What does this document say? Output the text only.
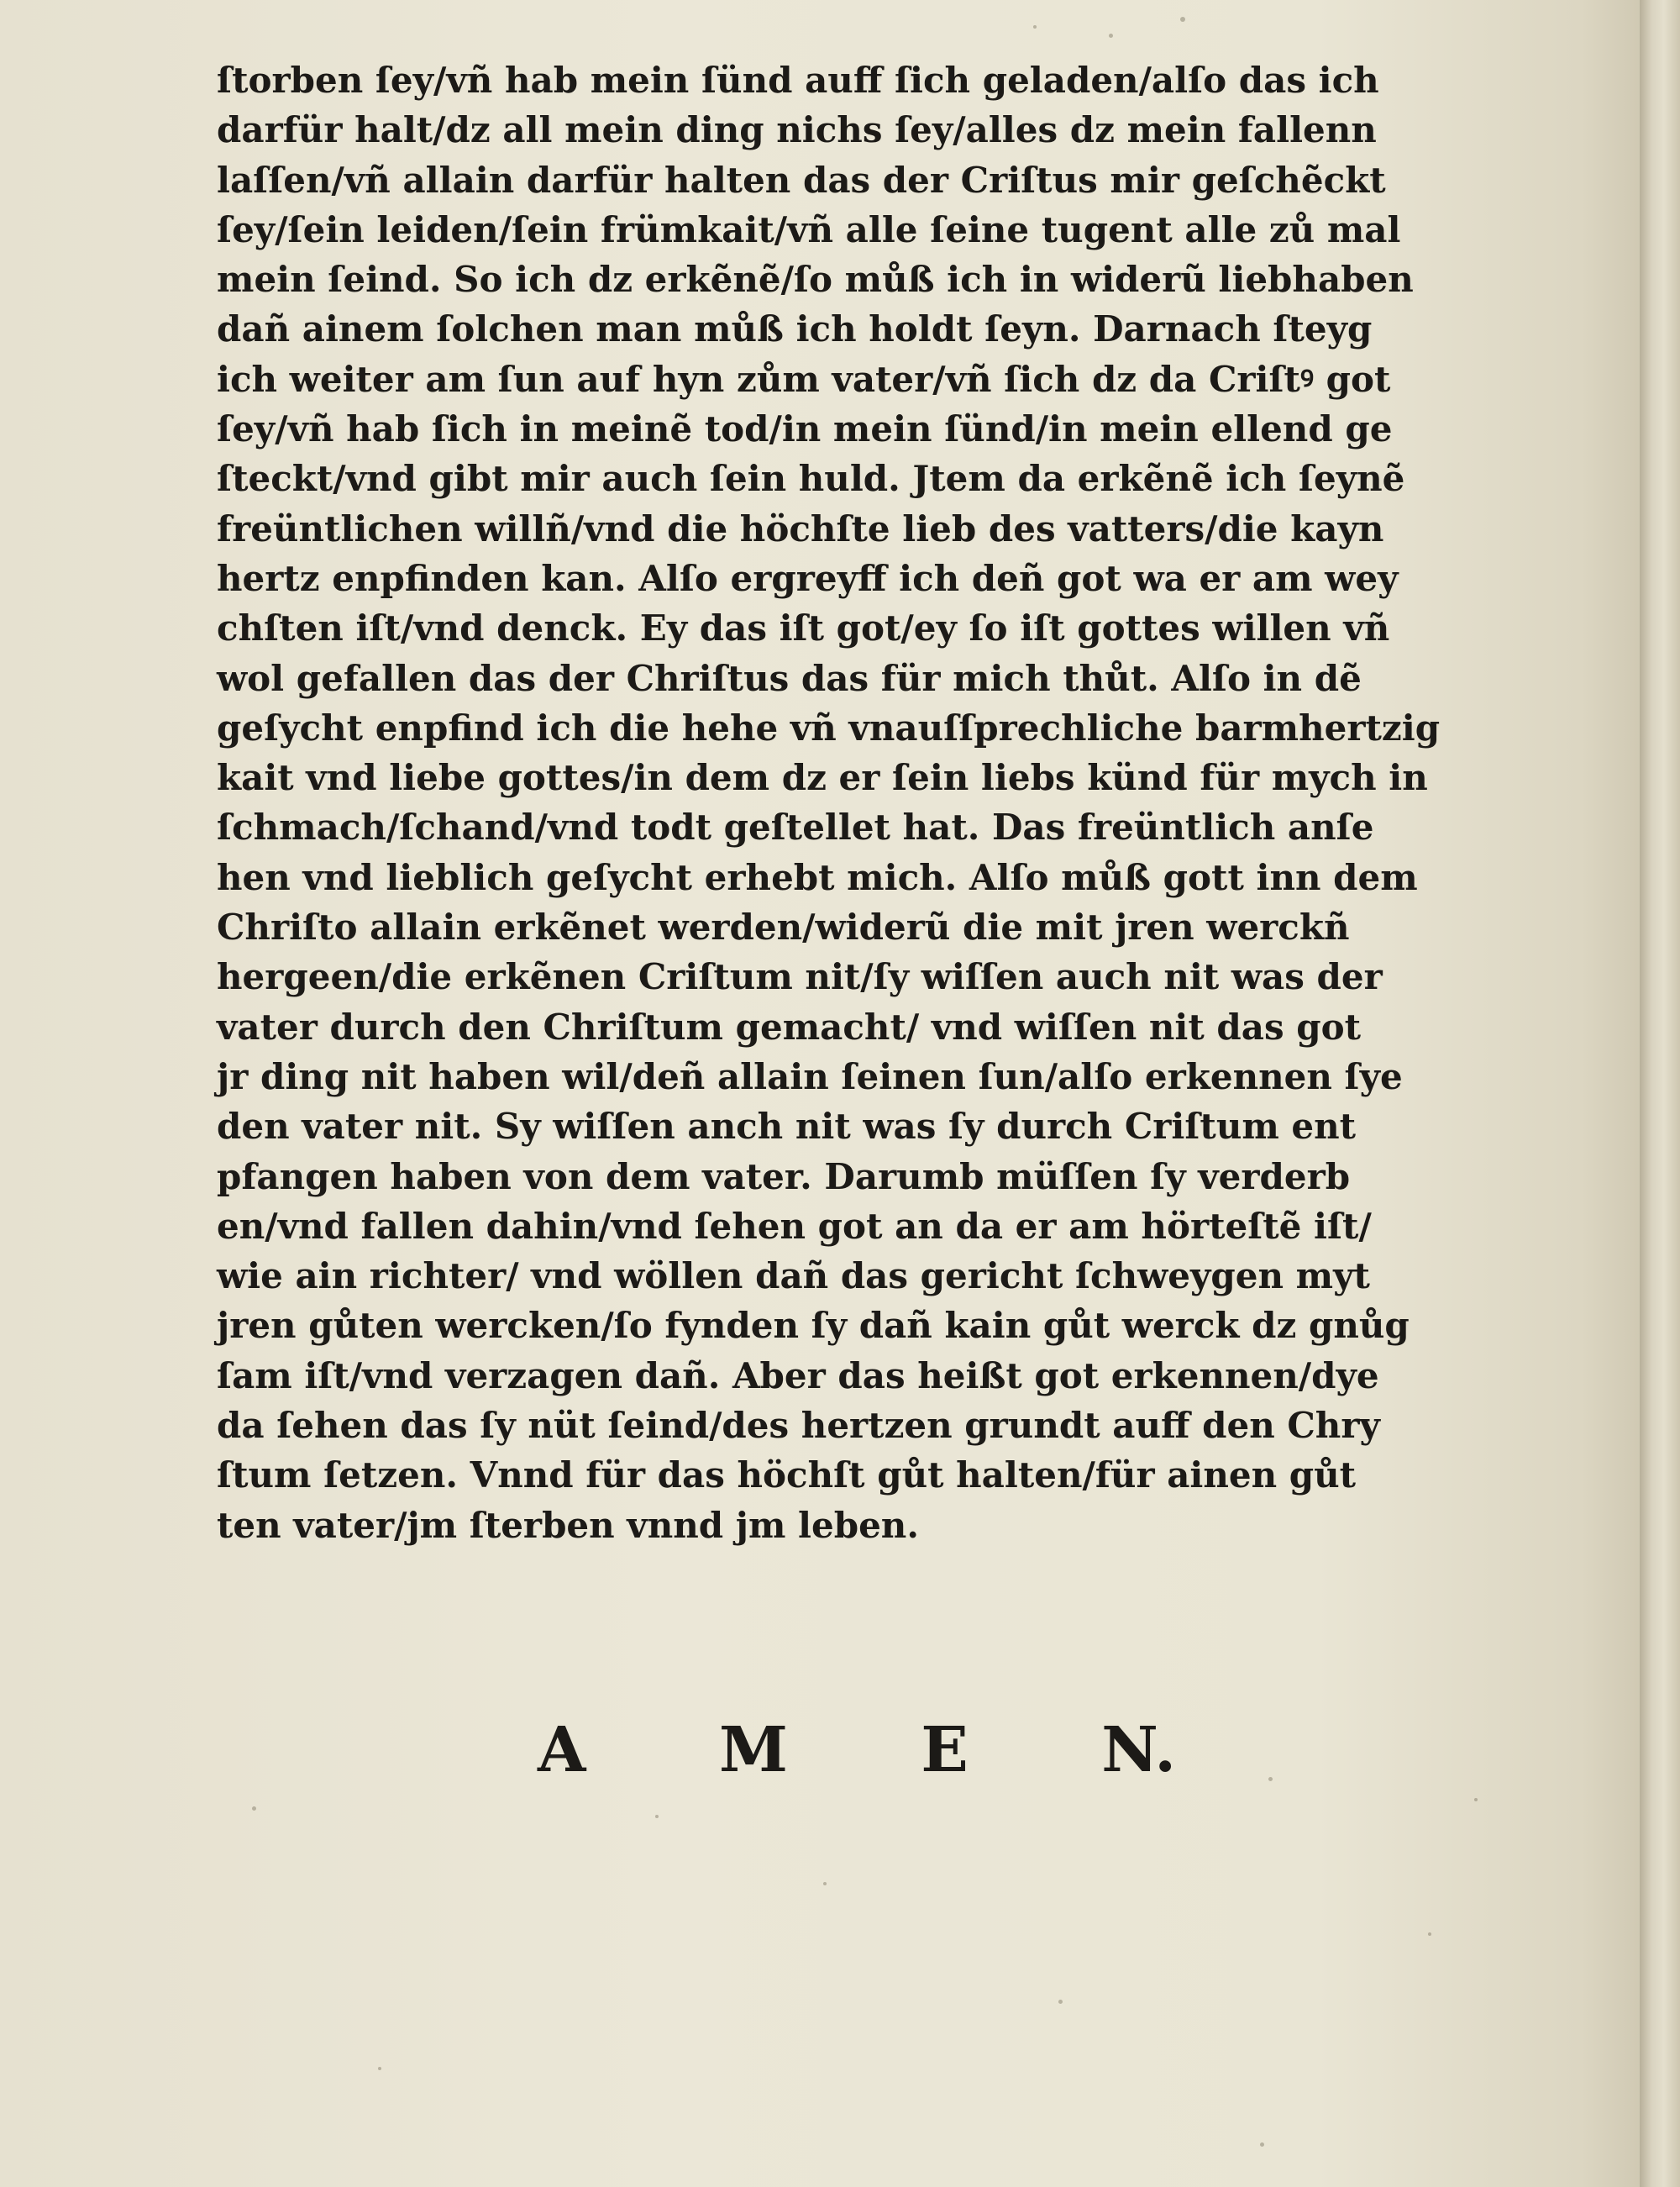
ſtorben ſey/vñ hab mein ſünd auff ſich geladen/alſo das ich
darfür halt/dz all mein ding nichs ſey/alles dz mein fallenn
laſſen/vñ allain darfür halten das der Criſtus mir geſchẽckt
ſey/ſein leiden/ſein frümkait/vñ alle ſeine tugent alle zů mal
mein ſeind. So ich dz erkẽnẽ/ſo můß ich in widerũ liebhaben
dañ ainem ſolchen man můß ich holdt ſeyn. Darnach ſteyg
ich weiter am ſun auf hyn zům vater/vñ ſich dz da Criſtꝰ got
ſey/vñ hab ſich in meinẽ tod/in mein ſünd/in mein ellend ge
ſteckt/vnd gibt mir auch ſein huld. Jtem da erkẽnẽ ich ſeynẽ
freüntlichen willñ/vnd die höchſte lieb des vatters/die kayn
hertz enpfinden kan. Alſo ergreyff ich deñ got wa er am wey
chſten iſt/vnd denck. Ey das iſt got/ey ſo iſt gottes willen vñ
wol gefallen das der Chriſtus das für mich thůt. Alſo in dẽ
geſycht enpfind ich die hehe vñ vnauſſprechliche barmhertzig
kait vnd liebe gottes/in dem dz er ſein liebs künd für mych in
ſchmach/ſchand/vnd todt geſtellet hat. Das freüntlich anſe
hen vnd lieblich geſycht erhebt mich. Alſo můß gott inn dem
Chriſto allain erkẽnet werden/widerũ die mit jren werckñ
hergeen/die erkẽnen Criſtum nit/ſy wiſſen auch nit was der
vater durch den Chriſtum gemacht/ vnd wiſſen nit das got
jr ding nit haben wil/deñ allain ſeinen ſun/alſo erkennen ſye
den vater nit. Sy wiſſen anch nit was ſy durch Criſtum ent
pfangen haben von dem vater. Darumb müſſen ſy verderb
en/vnd fallen dahin/vnd ſehen got an da er am hörteſtẽ iſt/
wie ain richter/ vnd wöllen dañ das gericht ſchweygen myt
jren gůten wercken/ſo fynden ſy dañ kain gůt werck dz gnůg
ſam iſt/vnd verzagen dañ. Aber das heißt got erkennen/dye
da ſehen das ſy nüt ſeind/des hertzen grundt auff den Chry
ſtum ſetzen. Vnnd für das höchſt gůt halten/für ainen gůt
ten vater/jm ſterben vnnd jm leben.
A M E N.
